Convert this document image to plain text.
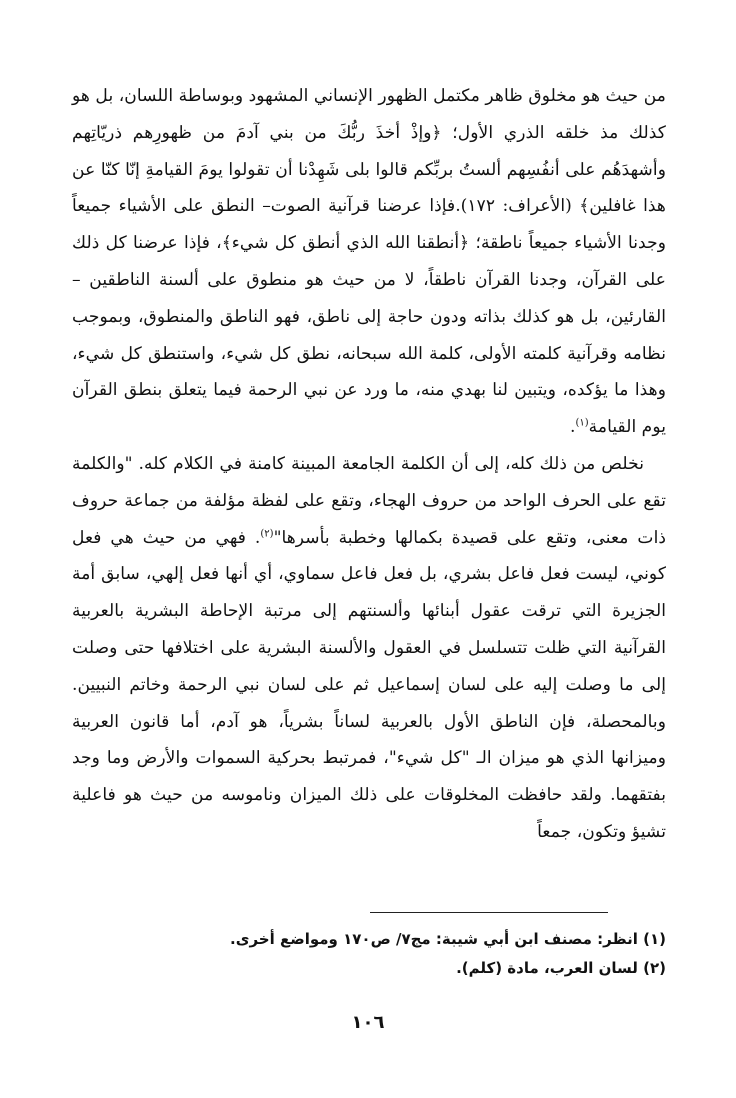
من حيث هو مخلوق ظاهر مكتمل الظهور الإنساني المشهود وبوساطة اللسان، بل هو كذلك مذ خلقه الذري الأول؛ ﴿وإذْ أخذَ ربُّكَ من بني آدمَ من ظهورِهم ذريّاتِهم وأشهدَهُم على أنفُسِهم ألستُ بربِّكم قالوا بلى شَهِدْنا أن تقولوا يومَ القيامةِ إنّا كنّا عن هذا غافلين﴾ (الأعراف: ١٧٢).فإذا عرضنا قرآنية الصوت– النطق على الأشياء جميعاً وجدنا الأشياء جميعاً ناطقة؛ ﴿أنطقنا الله الذي أنطق كل شيء﴾، فإذا عرضنا كل ذلك على القرآن، وجدنا القرآن ناطقاً، لا من حيث هو منطوق على ألسنة الناطقين – القارئين، بل هو كذلك بذاته ودون حاجة إلى ناطق، فهو الناطق والمنطوق، وبموجب نظامه وقرآنية كلمته الأولى، كلمة الله سبحانه، نطق كل شيء، واستنطق كل شيء، وهذا ما يؤكده، ويتبين لنا بهدي منه، ما ورد عن نبي الرحمة فيما يتعلق بنطق القرآن يوم القيامة$^{(١)}$.

نخلص من ذلك كله، إلى أن الكلمة الجامعة المبينة كامنة في الكلام كله. "والكلمة تقع على الحرف الواحد من حروف الهجاء، وتقع على لفظة مؤلفة من جماعة حروف ذات معنى، وتقع على قصيدة بكمالها وخطبة بأسرها"$^{(٢)}$. فهي من حيث هي فعل كوني، ليست فعل فاعل بشري، بل فعل فاعل سماوي، أي أنها فعل إلهي، سابق أمة الجزيرة التي ترقت عقول أبنائها وألسنتهم إلى مرتبة الإحاطة البشرية بالعربية القرآنية التي ظلت تتسلسل في العقول والألسنة البشرية على اختلافها حتى وصلت إلى ما وصلت إليه على لسان إسماعيل ثم على لسان نبي الرحمة وخاتم النبيين. وبالمحصلة، فإن الناطق الأول بالعربية لساناً بشرياً، هو آدم، أما قانون العربية وميزانها الذي هو ميزان الـ "كل شيء"، فمرتبط بحركية السموات والأرض وما وجد بفتقهما. ولقد حافظت المخلوقات على ذلك الميزان وناموسه من حيث هو فاعلية تشيؤ وتكون، جمعاً

(١) انظر: مصنف ابن أبي شيبة: مج٧/ ص١٧٠ ومواضع أخرى.

(٢) لسان العرب، مادة (كلم).

١٠٦
